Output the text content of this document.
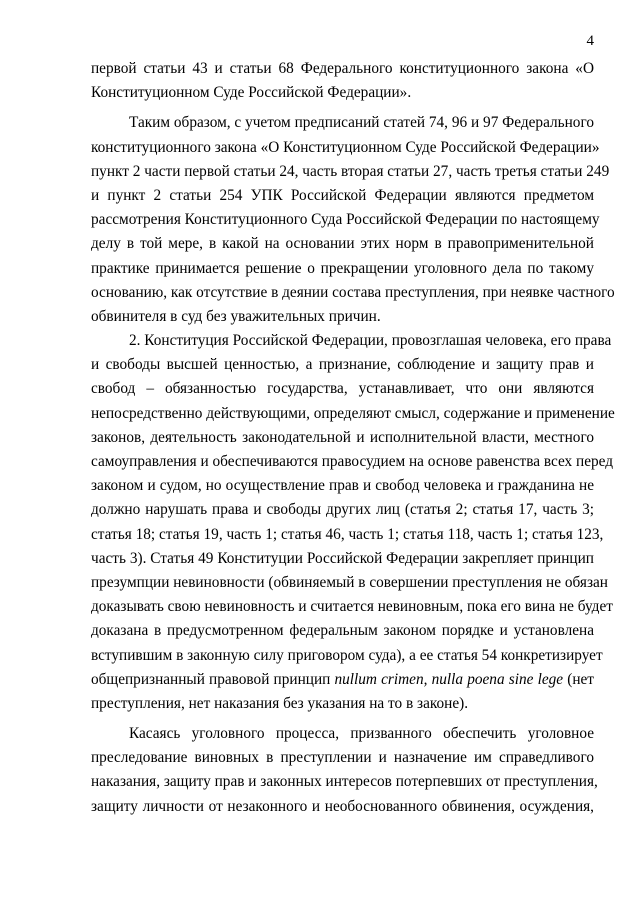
4
первой статьи 43 и статьи 68 Федерального конституционного закона «О
Конституционном Суде Российской Федерации».
Таким образом, с учетом предписаний статей 74, 96 и 97 Федерального
конституционного закона «О Конституционном Суде Российской Федерации»
пункт 2 части первой статьи 24, часть вторая статьи 27, часть третья статьи 249
и пункт 2 статьи 254 УПК Российской Федерации являются предметом
рассмотрения Конституционного Суда Российской Федерации по настоящему
делу в той мере, в какой на основании этих норм в правоприменительной
практике принимается решение о прекращении уголовного дела по такому
основанию, как отсутствие в деянии состава преступления, при неявке частного
обвинителя в суд без уважительных причин.
2. Конституция Российской Федерации, провозглашая человека, его права
и свободы высшей ценностью, а признание, соблюдение и защиту прав и
свобод – обязанностью государства, устанавливает, что они являются
непосредственно действующими, определяют смысл, содержание и применение
законов, деятельность законодательной и исполнительной власти, местного
самоуправления и обеспечиваются правосудием на основе равенства всех перед
законом и судом, но осуществление прав и свобод человека и гражданина не
должно нарушать права и свободы других лиц (статья 2; статья 17, часть 3;
статья 18; статья 19, часть 1; статья 46, часть 1; статья 118, часть 1; статья 123,
часть 3). Статья 49 Конституции Российской Федерации закрепляет принцип
презумпции невиновности (обвиняемый в совершении преступления не обязан
доказывать свою невиновность и считается невиновным, пока его вина не будет
доказана в предусмотренном федеральным законом порядке и установлена
вступившим в законную силу приговором суда), а ее статья 54 конкретизирует
общепризнанный правовой принцип nullum crimen, nulla poena sine lege (нет
преступления, нет наказания без указания на то в законе).
Касаясь уголовного процесса, призванного обеспечить уголовное
преследование виновных в преступлении и назначение им справедливого
наказания, защиту прав и законных интересов потерпевших от преступления,
защиту личности от незаконного и необоснованного обвинения, осуждения,
